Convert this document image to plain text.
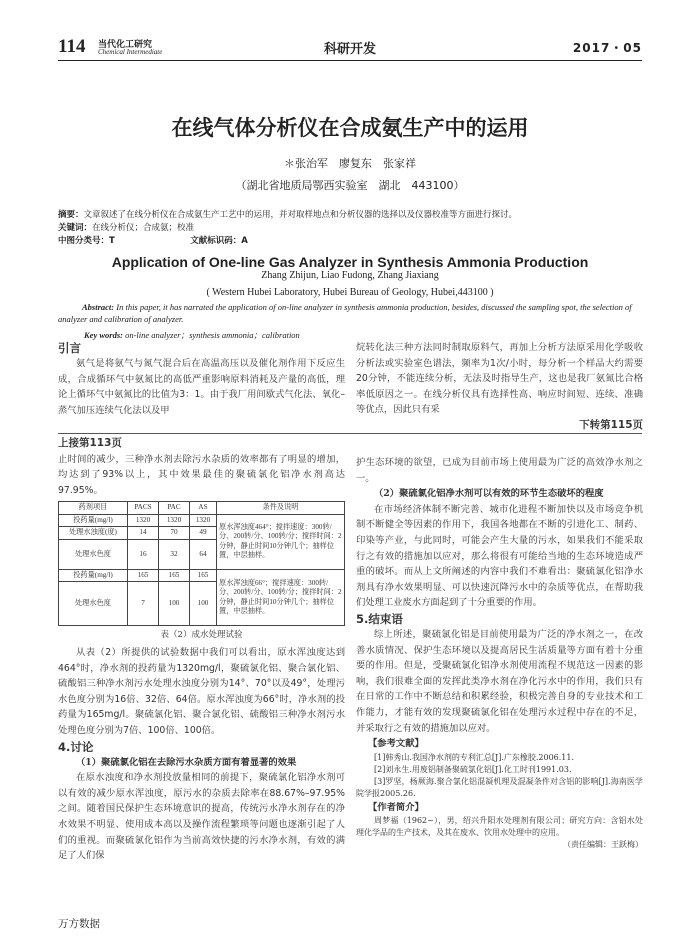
114 当代化工研究
Chemical Intermediate	科研开发	2017・05
在线气体分析仪在合成氨生产中的运用
＊张治军　廖复东　张家祥
（湖北省地质局鄂西实验室　湖北　443100）
摘要：文章叙述了在线分析仪在合成氨生产工艺中的运用，并对取样地点和分析仪器的选择以及仪器校准等方面进行探讨。
关键词：在线分析仪；合成氨；校准
中图分类号：T	文献标识码：A
Application of One-line Gas Analyzer in Synthesis Ammonia Production
Zhang Zhijun, Liao Fudong, Zhang Jiaxiang
( Western Hubei Laboratory, Hubei Bureau of Geology, Hubei,443100 )
Abstract: In this paper, it has narrated the application of on-line analyzer in synthesis ammonia production, besides, discussed the sampling spot, the selection of analyzer and calibration of analyzer.
Key words: on-line analyzer；synthesis ammonia；calibration
引言

氨气是将氨气与氮气混合后在高温高压以及催化剂作用下反应生成，合成循环气中氨氮比的高低严重影响原料消耗及产量的高低，理论上循环气中氨氮比的比值为3：1。由于我厂用间歇式气化法、氧化–蒸气加压连续气化法以及甲

烷转化法三种方法同时制取原料气，再加上分析方法原采用化学吸收分析法或实验室色谱法，频率为1次/小时，每分析一个样品大约需要20分钟，不能连续分析，无法及时指导生产，这也是我厂氨氮比合格率低原因之一。在线分析仪具有选择性高、响应时间短、连续、准确等优点，因此只有采

下转第115页
上接第113页

止时间的减少，三种净水剂去除污水杂质的效率都有了明显的增加，均达到了93%以上，其中效果最佳的聚硫氯化铝净水剂高达97.95%。

药剂项目	PACS	PAC	AS	条件及说明
投药量(mg/l)	1320	1320	1320	原水浑浊度464°；搅拌速度：300转/分、200转/分、100转/分；搅拌时间：2分钟，静止时间10分钟几个；抽样位置，中层抽样。
处理水浊度(度)	14	70	49	
处理水色度	16	32	64	
投药量(mg/l)	165	165	165	原水浑浊度66°；搅拌速度：300转/分、200转/分、100转/分；搅拌时间：2分钟，静止时间10分钟几个；抽样位置，中层抽样。
处理水色度	7	100	100	
表（2）成水处理试验

从表（2）所提供的试验数据中我们可以看出，原水浑浊度达到464°时，净水剂的投药量为1320mg/l，聚硫氯化铝、聚合氯化铝、硫酸铝三种净水剂污水处理水浊度分别为14°、70°以及49°，处理污水色度分别为16倍、32倍、64倍。原水浑浊度为66°时，净水剂的投药量为165mg/l。聚硫氯化铝、聚合氯化铝、硫酸铝三种净水剂污水处理色度分别为7倍、100倍、100倍。

4.讨论
（1）聚硫氯化铝在去除污水杂质方面有着显著的效果

在原水浊度和净水剂投放量相同的前提下，聚硫氯化铝净水剂可以有效的减少原水浑浊度，原污水的杂质去除率在88.67%–97.95%之间。随着国民保护生态环境意识的提高，传统污水净水剂存在的净水效果不明显、使用成本高以及操作流程繁琐等问题也逐渐引起了人们的重视。而聚硫氯化铝作为当前高效快捷的污水净水剂，有效的满足了人们保

护生态环境的欲望，已成为目前市场上使用最为广泛的高效净水剂之一。

（2）聚硫氯化铝净水剂可以有效的环节生态破坏的程度

在市场经济体制不断完善、城市化进程不断加快以及市场竞争机制不断健全等因素的作用下，我国各地都在不断的引进化工、制药、印染等产业，与此同时，可能会产生大量的污水，如果我们不能采取行之有效的措施加以应对，那么将很有可能给当地的生态环境造成严重的破坏。而从上文所阐述的内容中我们不难看出：聚硫氯化铝净水剂具有净水效果明显、可以快速沉降污水中的杂质等优点，在帮助我们处理工业废水方面起到了十分重要的作用。

5.结束语

综上所述，聚硫氯化铝是目前使用最为广泛的净水剂之一，在改善水质情况、保护生态环境以及提高居民生活质量等方面有着十分重要的作用。但是，受聚硫氯化铝净水剂使用流程不规范这一因素的影响，我们很难全面的发挥此类净水剂在净化污水中的作用，我们只有在日常的工作中不断总结和积累经验，积极完善自身的专业技术和工作能力，才能有效的发现聚硫氯化铝在处理污水过程中存在的不足，并采取行之有效的措施加以应对。

【参考文献】
[1]韩秀山.我国净水剂的专利汇总[J].广东橡胶.2006.11.
[2]刘永生.用废铝制备聚硫氯化铝[J].化工时刊1991.03.
[3]罗坚，杨厥海.聚合氯化铝混凝机理及混凝条件对含铝的影响[J].海南医学院学报2005.26.
【作者简介】
周梦福（1962~），男，绍兴升阳水处理剂有限公司；研究方向：含铝水处理化学品的生产技术，及其在废水、饮用水处理中的应用。
（责任编辑：王跃梅）
万方数据
